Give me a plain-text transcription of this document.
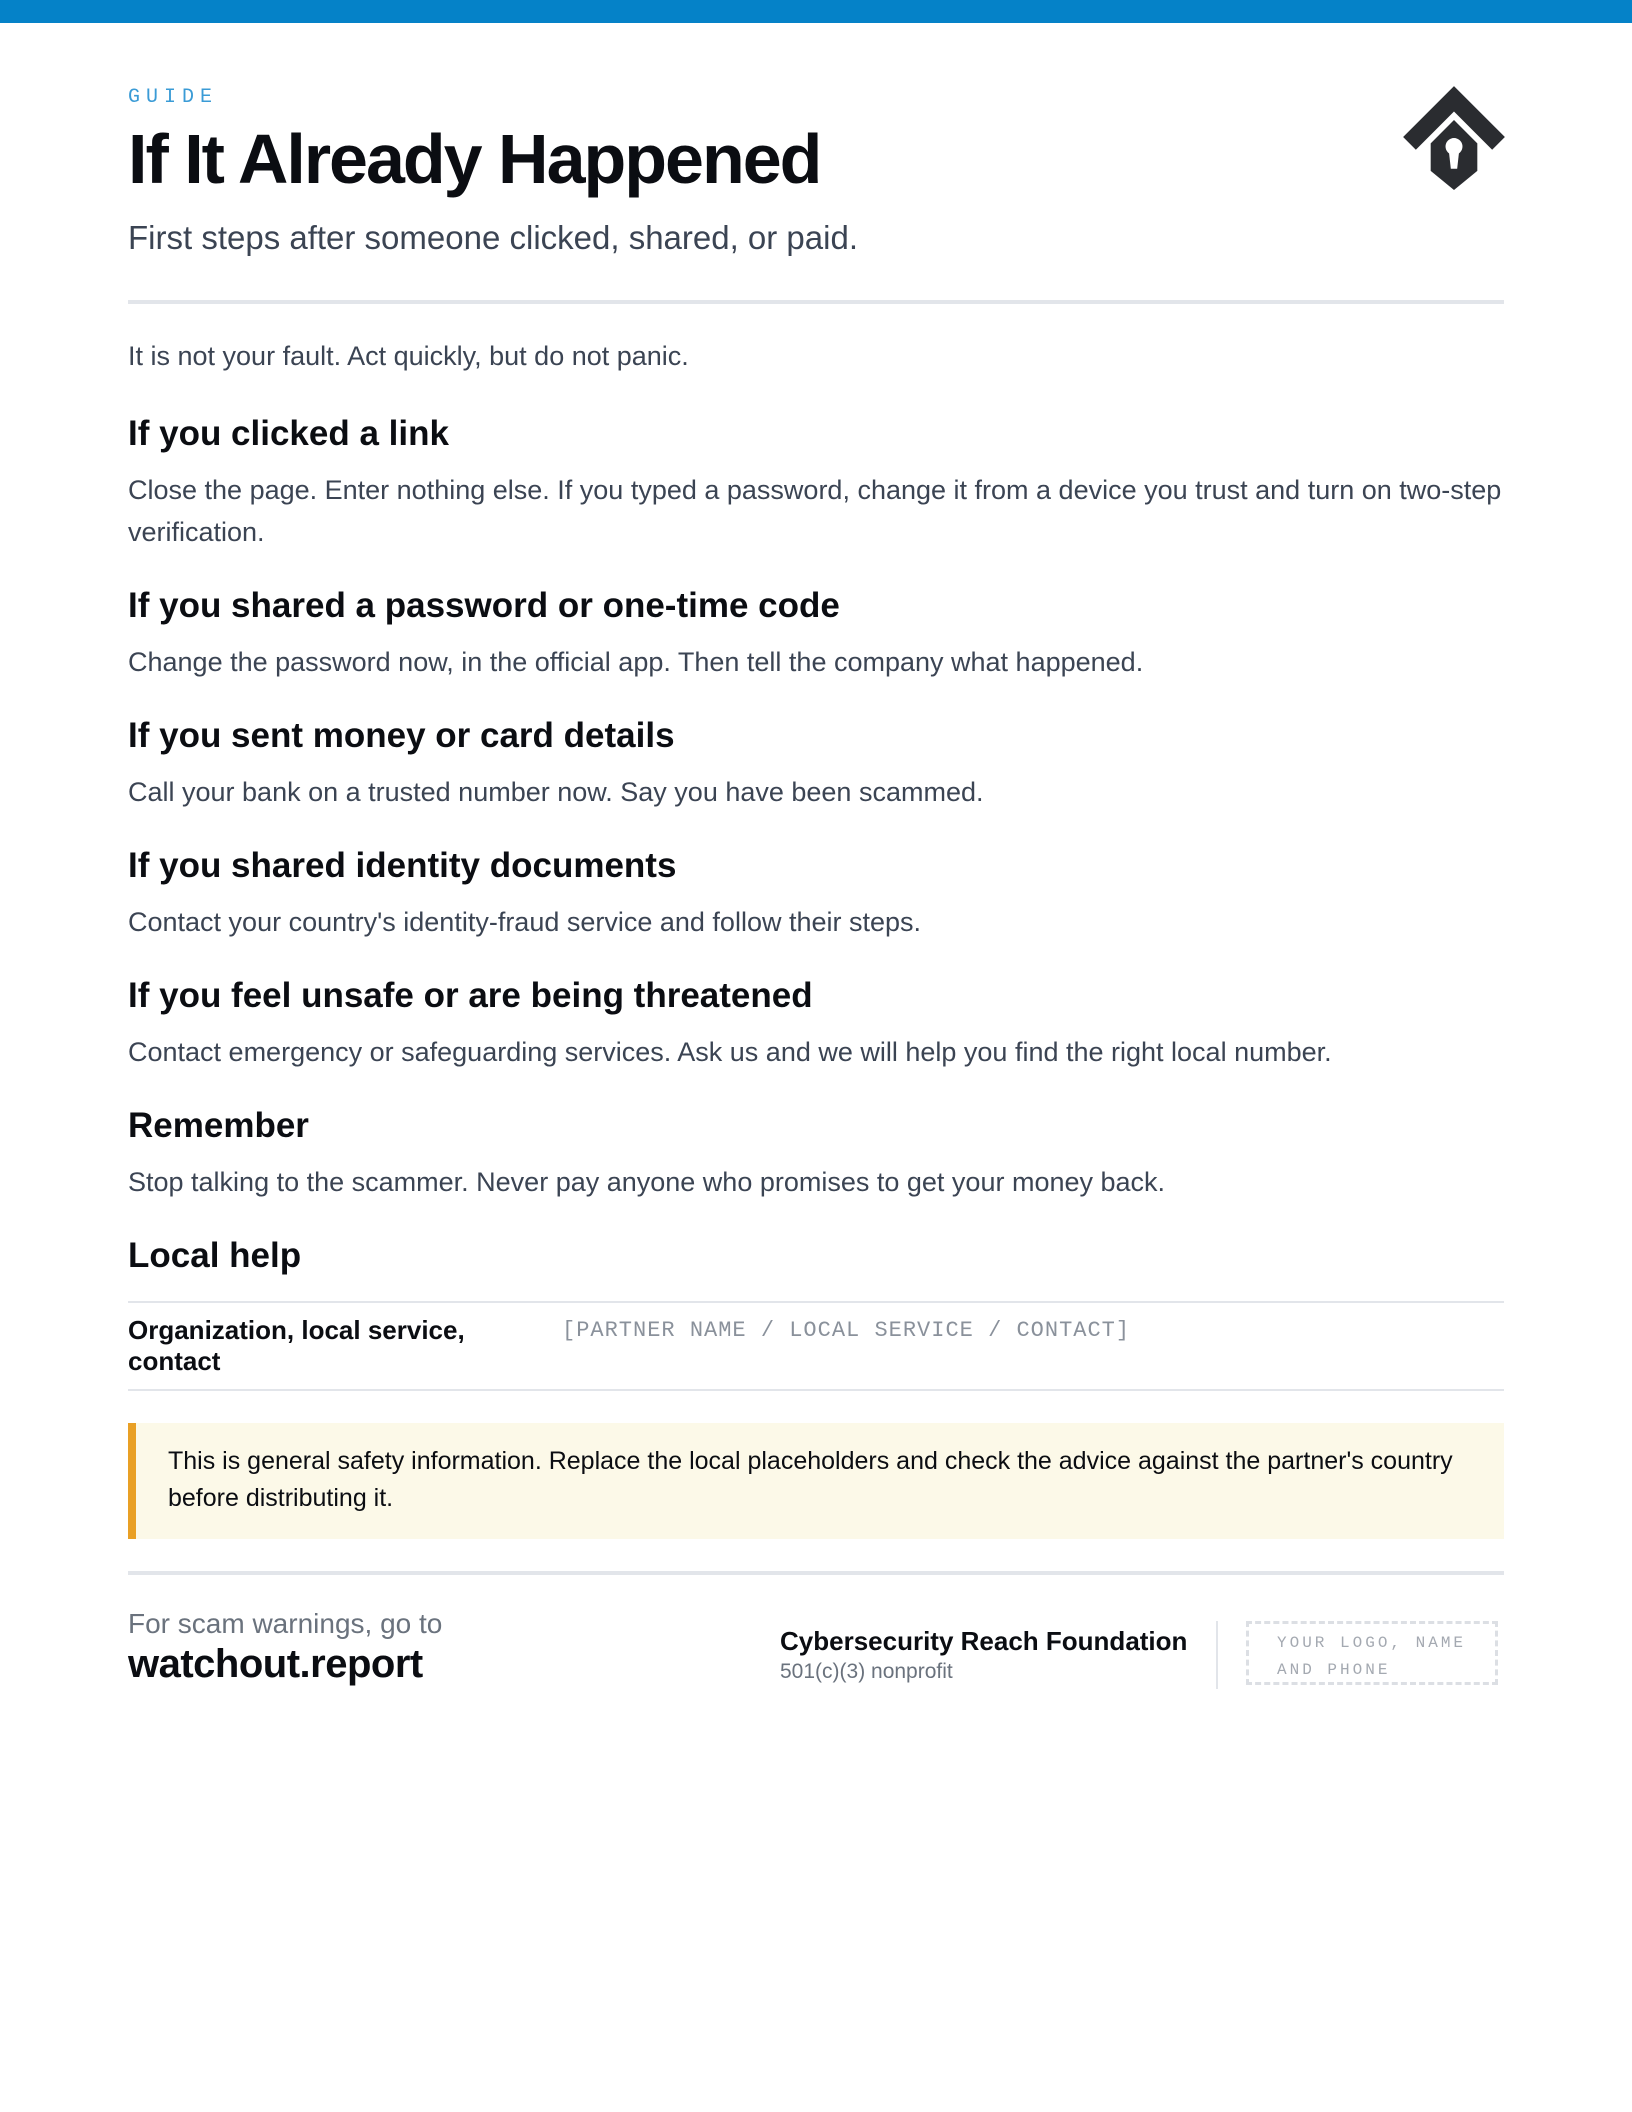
GUIDE
If It Already Happened
First steps after someone clicked, shared, or paid.

It is not your fault. Act quickly, but do not panic.

If you clicked a link

Close the page. Enter nothing else. If you typed a password, change it from a device you trust and turn on two-step verification.

If you shared a password or one-time code

Change the password now, in the official app. Then tell the company what happened.

If you sent money or card details

Call your bank on a trusted number now. Say you have been scammed.

If you shared identity documents

Contact your country's identity-fraud service and follow their steps.

If you feel unsafe or are being threatened

Contact emergency or safeguarding services. Ask us and we will help you find the right local number.

Remember

Stop talking to the scammer. Never pay anyone who promises to get your money back.

Local help
Organization, local service, contact
[PARTNER NAME / LOCAL SERVICE / CONTACT]
This is general safety information. Replace the local placeholders and check the advice against the partner's country before distributing it.
For scam warnings, go to
watchout.report
Cybersecurity Reach Foundation
501(c)(3) nonprofit
YOUR LOGO, NAME AND PHONE
